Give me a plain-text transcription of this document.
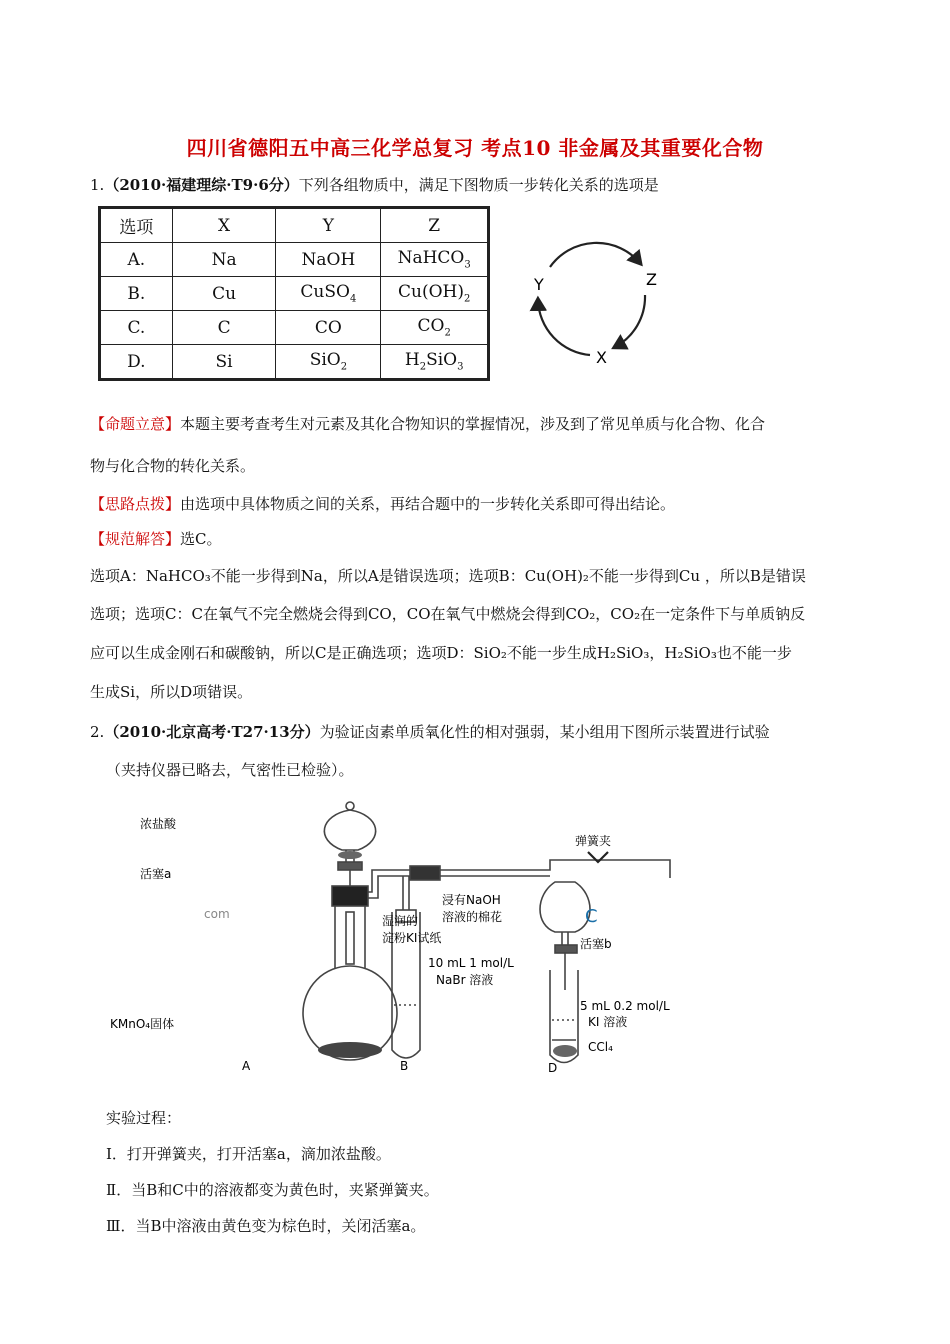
四川省德阳五中高三化学总复习 考点10 非金属及其重要化合物
1.（2010·福建理综·T9·6分）下列各组物质中，满足下图物质一步转化关系的选项是
选项	X	Y	Z
A.	Na	NaOH	NaHCO$_3$
B.	Cu	CuSO$_4$	$Cu(OH)_2$
C.	C	CO	$CO_2$
D.	Si	SiO$_2$	$H_2SiO_3$
Y	Z
X
【命题立意】本题主要考查考生对元素及其化合物知识的掌握情况，涉及到了常见单质与化合物、化合
物与化合物的转化关系。
【思路点拨】由选项中具体物质之间的关系，再结合题中的一步转化关系即可得出结论。
【规范解答】选C。
选项A：NaHCO₃不能一步得到Na，所以A是错误选项；选项B：Cu(OH)₂不能一步得到Cu ，所以B是错误
选项；选项C：C在氧气不完全燃烧会得到CO，CO在氧气中燃烧会得到CO₂，CO₂在一定条件下与单质钠反
应可以生成金刚石和碳酸钠，所以C是正确选项；选项D：SiO₂不能一步生成H₂SiO₃，H₂SiO₃也不能一步
生成Si，所以D项错误。
2.（2010·北京高考·T27·13分）为验证卤素单质氧化性的相对强弱，某小组用下图所示装置进行试验
（夹持仪器已略去，气密性已检验）。
浓盐酸
活塞a
com	湿润的
淀粉KI试纸
弹簧夹
浸有NaOH
溶液的棉花
活塞b
10 mL 1 mol/L
NaBr 溶液
5 mL 0.2 mol/L
KI 溶液
CCl₄
KMnO₄固体
C
A	B	D
实验过程：
Ⅰ．打开弹簧夹，打开活塞a，滴加浓盐酸。
Ⅱ．当B和C中的溶液都变为黄色时，夹紧弹簧夹。
Ⅲ．当B中溶液由黄色变为棕色时，关闭活塞a。
